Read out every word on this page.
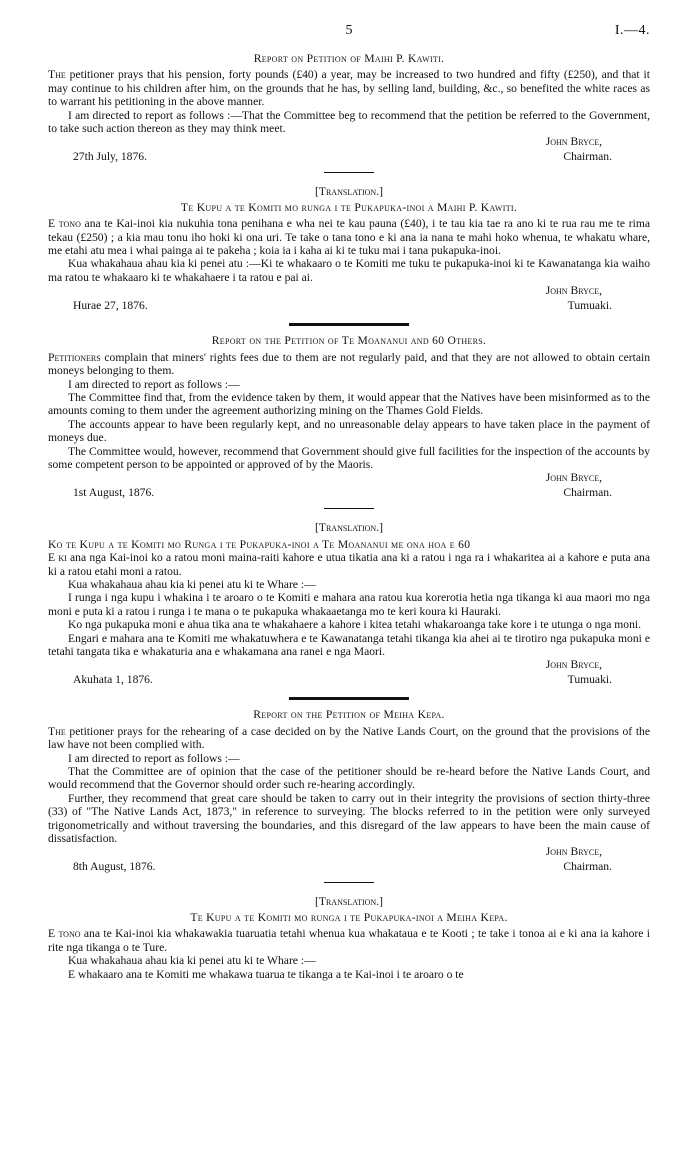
5	I.—4.
Report on Petition of Maihi P. Kawiti.

The petitioner prays that his pension, forty pounds (£40) a year, may be increased to two hundred and fifty (£250), and that it may continue to his children after him, on the grounds that he has, by selling land, building, &c., so benefited the white races as to warrant his petitioning in the above manner.

I am directed to report as follows :—That the Committee beg to recommend that the petition be referred to the Government, to take such action thereon as they may think meet.

John Bryce,
27th July, 1876.	Chairman.
[Translation.]
Te Kupu a te Komiti mo runga i te Pukapuka-inoi a Maihi P. Kawiti.

E tono ana te Kai-inoi kia nukuhia tona penihana e wha nei te kau pauna (£40), i te tau kia tae ra ano ki te rua rau me te rima tekau (£250) ; a kia mau tonu iho hoki ki ona uri. Te take o tana tono e ki ana ia nana te mahi hoko whenua, te whakatu whare, me etahi atu mea i whai painga ai te pakeha ; koia ia i kaha ai ki te tuku mai i tana pukapuka-inoi.

Kua whakahaua ahau kia ki penei atu :—Ki te whakaaro o te Komiti me tuku te pukapuka-inoi ki te Kawanatanga kia waiho ma ratou te whakaaro ki te whakahaere i ta ratou e pai ai.

John Bryce,
Hurae 27, 1876.	Tumuaki.
Report on the Petition of Te Moananui and 60 Others.

Petitioners complain that miners' rights fees due to them are not regularly paid, and that they are not allowed to obtain certain moneys belonging to them.

I am directed to report as follows :—

The Committee find that, from the evidence taken by them, it would appear that the Natives have been misinformed as to the amounts coming to them under the agreement authorizing mining on the Thames Gold Fields.

The accounts appear to have been regularly kept, and no unreasonable delay appears to have taken place in the payment of moneys due.

The Committee would, however, recommend that Government should give full facilities for the inspection of the accounts by some competent person to be appointed or approved of by the Maoris.

John Bryce,
1st August, 1876.	Chairman.
[Translation.]
Ko te Kupu a te Komiti mo Runga i te Pukapuka-inoi a Te Moananui me ona hoa e 60

E ki ana nga Kai-inoi ko a ratou moni maina-raiti kahore e utua tikatia ana ki a ratou i nga ra i whakaritea ai a kahore e puta ana ki a ratou etahi moni a ratou.

Kua whakahaua ahau kia ki penei atu ki te Whare :—

I runga i nga kupu i whakina i te aroaro o te Komiti e mahara ana ratou kua korerotia hetia nga tikanga ki aua maori mo nga moni e puta ki a ratou i runga i te mana o te pukapuka whakaaetanga mo te keri koura ki Hauraki.

Ko nga pukapuka moni e ahua tika ana te whakahaere a kahore i kitea tetahi whakaroanga take kore i te utunga o nga moni.

Engari e mahara ana te Komiti me whakatuwhera e te Kawanatanga tetahi tikanga kia ahei ai te tirotiro nga pukapuka moni e tetahi tangata tika e whakaturia ana e whakamana ana ranei e nga Maori.

John Bryce,
Akuhata 1, 1876.	Tumuaki.
Report on the Petition of Meiha Kepa.

The petitioner prays for the rehearing of a case decided on by the Native Lands Court, on the ground that the provisions of the law have not been complied with.

I am directed to report as follows :—

That the Committee are of opinion that the case of the petitioner should be re-heard before the Native Lands Court, and would recommend that the Governor should order such re-hearing accordingly.

Further, they recommend that great care should be taken to carry out in their integrity the provisions of section thirty-three (33) of "The Native Lands Act, 1873," in reference to surveying. The blocks referred to in the petition were only surveyed trigonometrically and without traversing the boundaries, and this disregard of the law appears to have been the main cause of dissatisfaction.

John Bryce,
8th August, 1876.	Chairman.
[Translation.]
Te Kupu a te Komiti mo runga i te Pukapuka-inoi a Meiha Kepa.

E tono ana te Kai-inoi kia whakawakia tuaruatia tetahi whenua kua whakataua e te Kooti ; te take i tonoa ai e ki ana ia kahore i rite nga tikanga o te Ture.

Kua whakahaua ahau kia ki penei atu ki te Whare :—

E whakaaro ana te Komiti me whakawa tuarua te tikanga a te Kai-inoi i te aroaro o te
